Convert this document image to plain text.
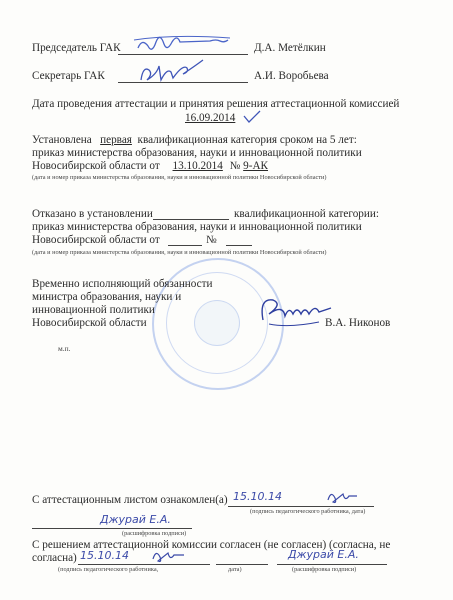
Председатель ГАК	Д.А. Метёлкин
Секретарь ГАК	А.И. Воробьева
Дата проведения аттестации и принятия решения аттестационной комиссией
16.09.2014
Установлена первая квалификационная категория сроком на 5 лет:
приказ министерства образования, науки и инновационной политики
Новосибирской области от 13.10.2014 № 9-АК
(дата и номер приказа министерства образования, науки и инновационной политики Новосибирской области)
Отказано в установлении	квалификационной категории:
приказ министерства образования, науки и инновационной политики
Новосибирской области от	№
(дата и номер приказа министерства образования, науки и инновационной политики Новосибирской области)
Временно исполняющий обязанности
министра образования, науки и
инновационной политики
Новосибирской области	В.А. Никонов
м.п.
С аттестационным листом ознакомлен(а) 15.10.14
(подпись педагогического работника, дата)
Джурай Е.А.
(расшифровка подписи)
С решением аттестационной комиссии согласен (не согласен) (согласна, не
согласна) 15.10.14	Джурай Е.А.
(подпись педагогического работника,	дата)	(расшифровка подписи)
